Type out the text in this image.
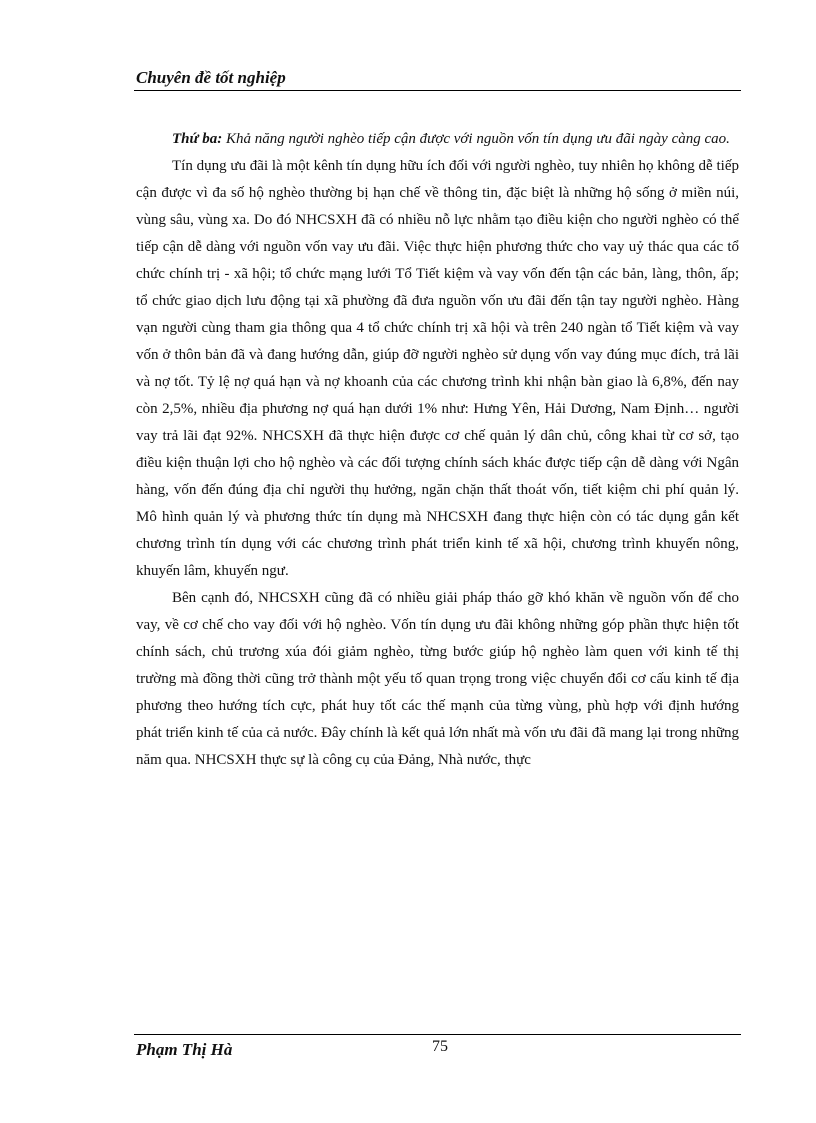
Chuyên đề tốt nghiệp

Thứ ba: Khả năng người nghèo tiếp cận được với nguồn vốn tín dụng ưu đãi ngày càng cao.

Tín dụng ưu đãi là một kênh tín dụng hữu ích đối với người nghèo, tuy nhiên họ không dễ tiếp cận được vì đa số hộ nghèo thường bị hạn chế về thông tin, đặc biệt là những hộ sống ở miền núi, vùng sâu, vùng xa. Do đó NHCSXH đã có nhiều nỗ lực nhằm tạo điều kiện cho người nghèo có thể tiếp cận dễ dàng với nguồn vốn vay ưu đãi. Việc thực hiện phương thức cho vay uỷ thác qua các tổ chức chính trị - xã hội; tổ chức mạng lưới Tổ Tiết kiệm và vay vốn đến tận các bản, làng, thôn, ấp; tổ chức giao dịch lưu động tại xã phường đã đưa nguồn vốn ưu đãi đến tận tay người nghèo. Hàng vạn người cùng tham gia thông qua 4 tổ chức chính trị xã hội và trên 240 ngàn tổ Tiết kiệm và vay vốn ở thôn bản đã và đang hướng dẫn, giúp đỡ người nghèo sử dụng vốn vay đúng mục đích, trả lãi và nợ tốt. Tỷ lệ nợ quá hạn và nợ khoanh của các chương trình khi nhận bàn giao là 6,8%, đến nay còn 2,5%, nhiều địa phương nợ quá hạn dưới 1% như: Hưng Yên, Hải Dương, Nam Định… người vay trả lãi đạt 92%. NHCSXH đã thực hiện được cơ chế quản lý dân chủ, công khai từ cơ sở, tạo điều kiện thuận lợi cho hộ nghèo và các đối tượng chính sách khác được tiếp cận dễ dàng với Ngân hàng, vốn đến đúng địa chỉ người thụ hưởng, ngăn chặn thất thoát vốn, tiết kiệm chi phí quản lý. Mô hình quản lý và phương thức tín dụng mà NHCSXH đang thực hiện còn có tác dụng gắn kết chương trình tín dụng với các chương trình phát triển kinh tế xã hội, chương trình khuyến nông, khuyến lâm, khuyến ngư.

Bên cạnh đó, NHCSXH cũng đã có nhiều giải pháp tháo gỡ khó khăn về nguồn vốn để cho vay, về cơ chế cho vay đối với hộ nghèo. Vốn tín dụng ưu đãi không những góp phần thực hiện tốt chính sách, chủ trương xúa đói giảm nghèo, từng bước giúp hộ nghèo làm quen với kinh tế thị trường mà đồng thời cũng trở thành một yếu tố quan trọng trong việc chuyển đổi cơ cấu kinh tế địa phương theo hướng tích cực, phát huy tốt các thế mạnh của từng vùng, phù hợp với định hướng phát triển kinh tế của cả nước. Đây chính là kết quả lớn nhất mà vốn ưu đãi đã mang lại trong những năm qua. NHCSXH thực sự là công cụ của Đảng, Nhà nước, thực

Phạm Thị Hà	75
